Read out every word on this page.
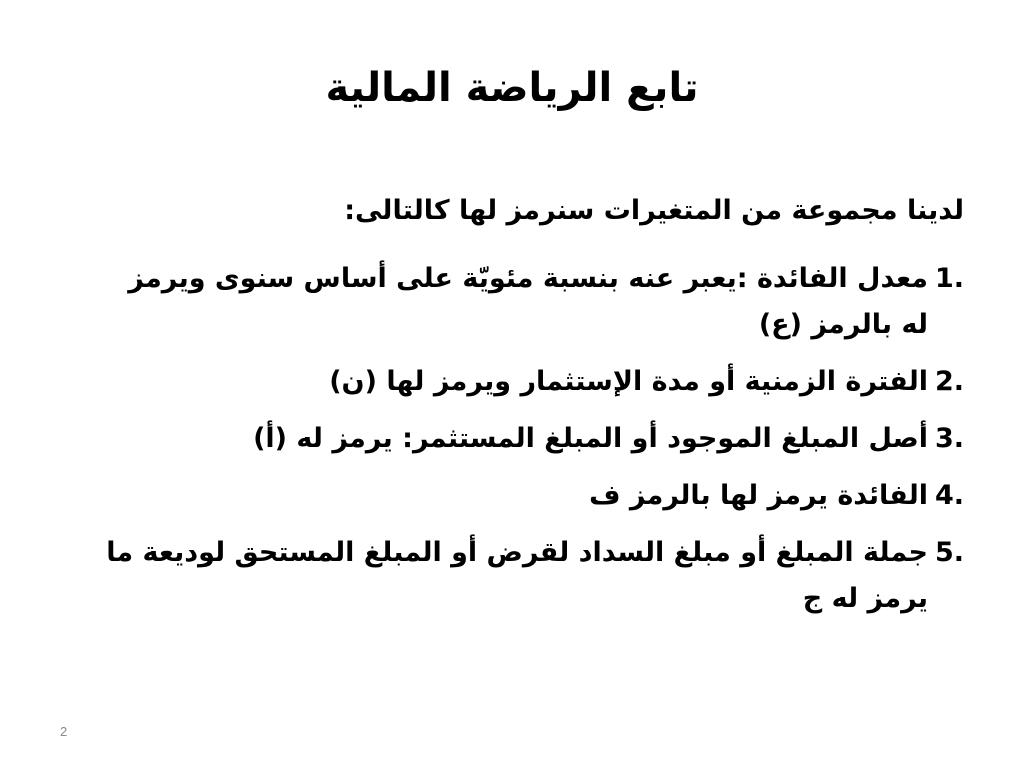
تابع الرياضة المالية
لدينا مجموعة من المتغيرات سنرمز لها كالتالى:
1.
معدل الفائدة :يعبر عنه بنسبة مئويّة على أساس سنوى ويرمز له بالرمز (ع)
2.
الفترة الزمنية أو مدة الإستثمار ويرمز لها (ن)
3.
أصل المبلغ الموجود أو المبلغ المستثمر: يرمز له (أ)
4.
الفائدة يرمز لها بالرمز ف
5.
جملة المبلغ أو مبلغ السداد لقرض أو المبلغ المستحق لوديعة ما يرمز له ج
2
